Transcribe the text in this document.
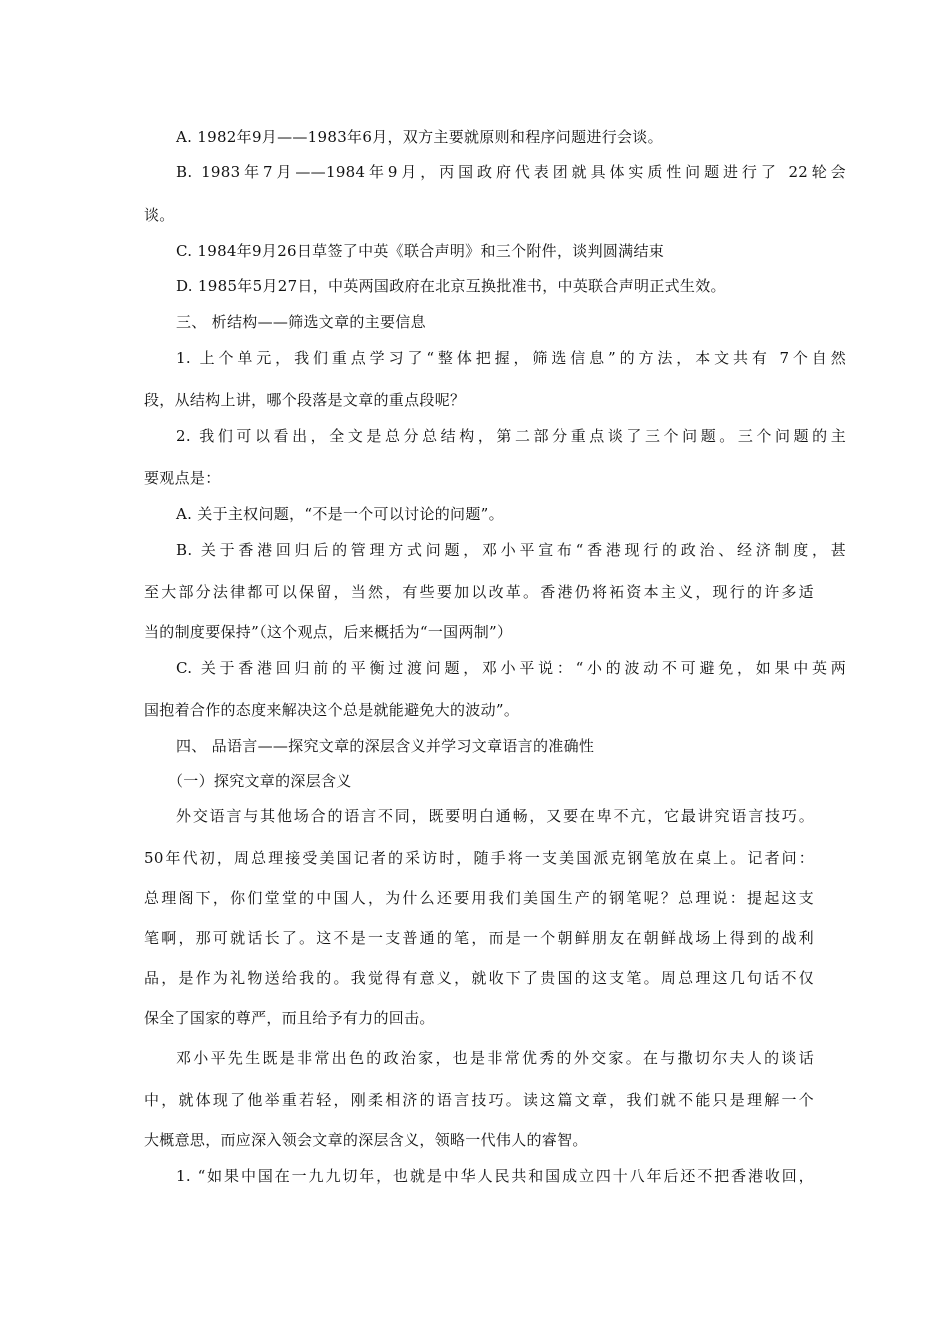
A. 1982年9月——1983年6月，双方主要就原则和程序问题进行会谈。
B. 1983年7月——1984年9月，丙国政府代表团就具体实质性问题进行了 22轮会
谈。
C. 1984年9月26日草签了中英《联合声明》和三个附件，谈判圆满结束
D. 1985年5月27日，中英两国政府在北京互换批准书，中英联合声明正式生效。
三、 析结构——筛选文章的主要信息
1. 上个单元，我们重点学习了“整体把握，筛选信息”的方法，本文共有 7个自然
段，从结构上讲，哪个段落是文章的重点段呢？
2. 我们可以看出，全文是总分总结构，第二部分重点谈了三个问题。三个问题的主
要观点是：
A. 关于主权问题，“不是一个可以讨论的问题”。
B. 关于香港回归后的管理方式问题，邓小平宣布“香港现行的政治、经济制度，甚
至大部分法律都可以保留，当然，有些要加以改革。香港仍将袥资本主义，现行的许多适
当的制度要保持”（这个观点，后来概括为“一国两制”）
C. 关于香港回归前的平衡过渡问题，邓小平说：“小的波动不可避免，如果中英两
国抱着合作的态度来解决这个总是就能避免大的波动”。
四、 品语言——探究文章的深层含义并学习文章语言的准确性
（一）探究文章的深层含义
外交语言与其他场合的语言不同，既要明白通畅，又要在卑不亢，它最讲究语言技巧。
50年代初，周总理接受美国记者的采访时，随手将一支美国派克钢笔放在桌上。记者问：
总理阁下，你们堂堂的中国人，为什么还要用我们美国生产的钢笔呢？总理说：提起这支
笔啊，那可就话长了。这不是一支普通的笔，而是一个朝鲜朋友在朝鲜战场上得到的战利
品，是作为礼物送给我的。我觉得有意义，就收下了贵国的这支笔。周总理这几句话不仅
保全了国家的尊严，而且给予有力的回击。
邓小平先生既是非常出色的政治家，也是非常优秀的外交家。在与撒切尔夫人的谈话
中，就体现了他举重若轻，刚柔相济的语言技巧。读这篇文章，我们就不能只是理解一个
大概意思，而应深入领会文章的深层含义，领略一代伟人的睿智。
1. “如果中国在一九九切年，也就是中华人民共和国成立四十八年后还不把香港收回，
